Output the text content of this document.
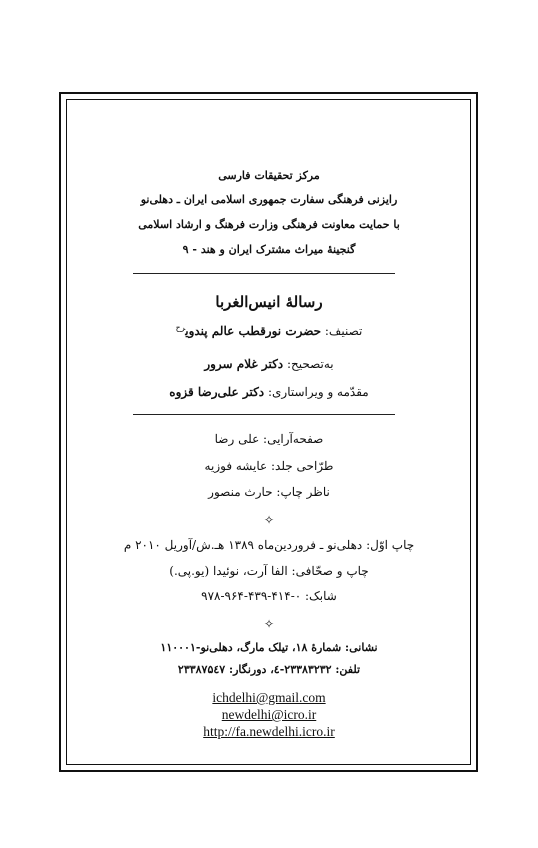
مرکز تحقیقات فارسی
رایزنی فرهنگی سفارت جمهوری اسلامی ایران ـ دهلی‌نو
با حمایت معاونت فرهنگی وزارت فرهنگ و ارشاد اسلامی
گنجینهٔ میراث مشترک ایران و هند - ۹
رسالهٔ انیس‌الغربا
تصنیف: حضرت نورقطب عالم پندوی$^{رح}$
به‌تصحیح: دکتر غلام سرور
مقدّمه و ویراستاری: دکتر علی‌رضا قزوه
صفحه‌آرایی: علی رضا
طرّاحی جلد: عایشه فوزیه
ناظر چاپ: حارث منصور
✧
چاپ اوّل: دهلی‌نو ـ فروردین‌ماه ۱۳۸۹ هـ.ش/آوریل ۲۰۱۰ م
چاپ و صحّافی: الفا آرت، نوئیدا (یو.پی.)
شابک: ۰-۴۱۴-۴۳۹-۹۶۴-۹۷۸
✧
نشانی: شمارهٔ ۱۸، تیلک مارگ، دهلی‌نو-۱۱۰۰۰۱
تلفن: ۲۳۳۸۳۲۳۲-٤، دورنگار: ۲۳۳۸۷۵٤۷
ichdelhi@gmail.com
newdelhi@icro.ir
http://fa.newdelhi.icro.ir
